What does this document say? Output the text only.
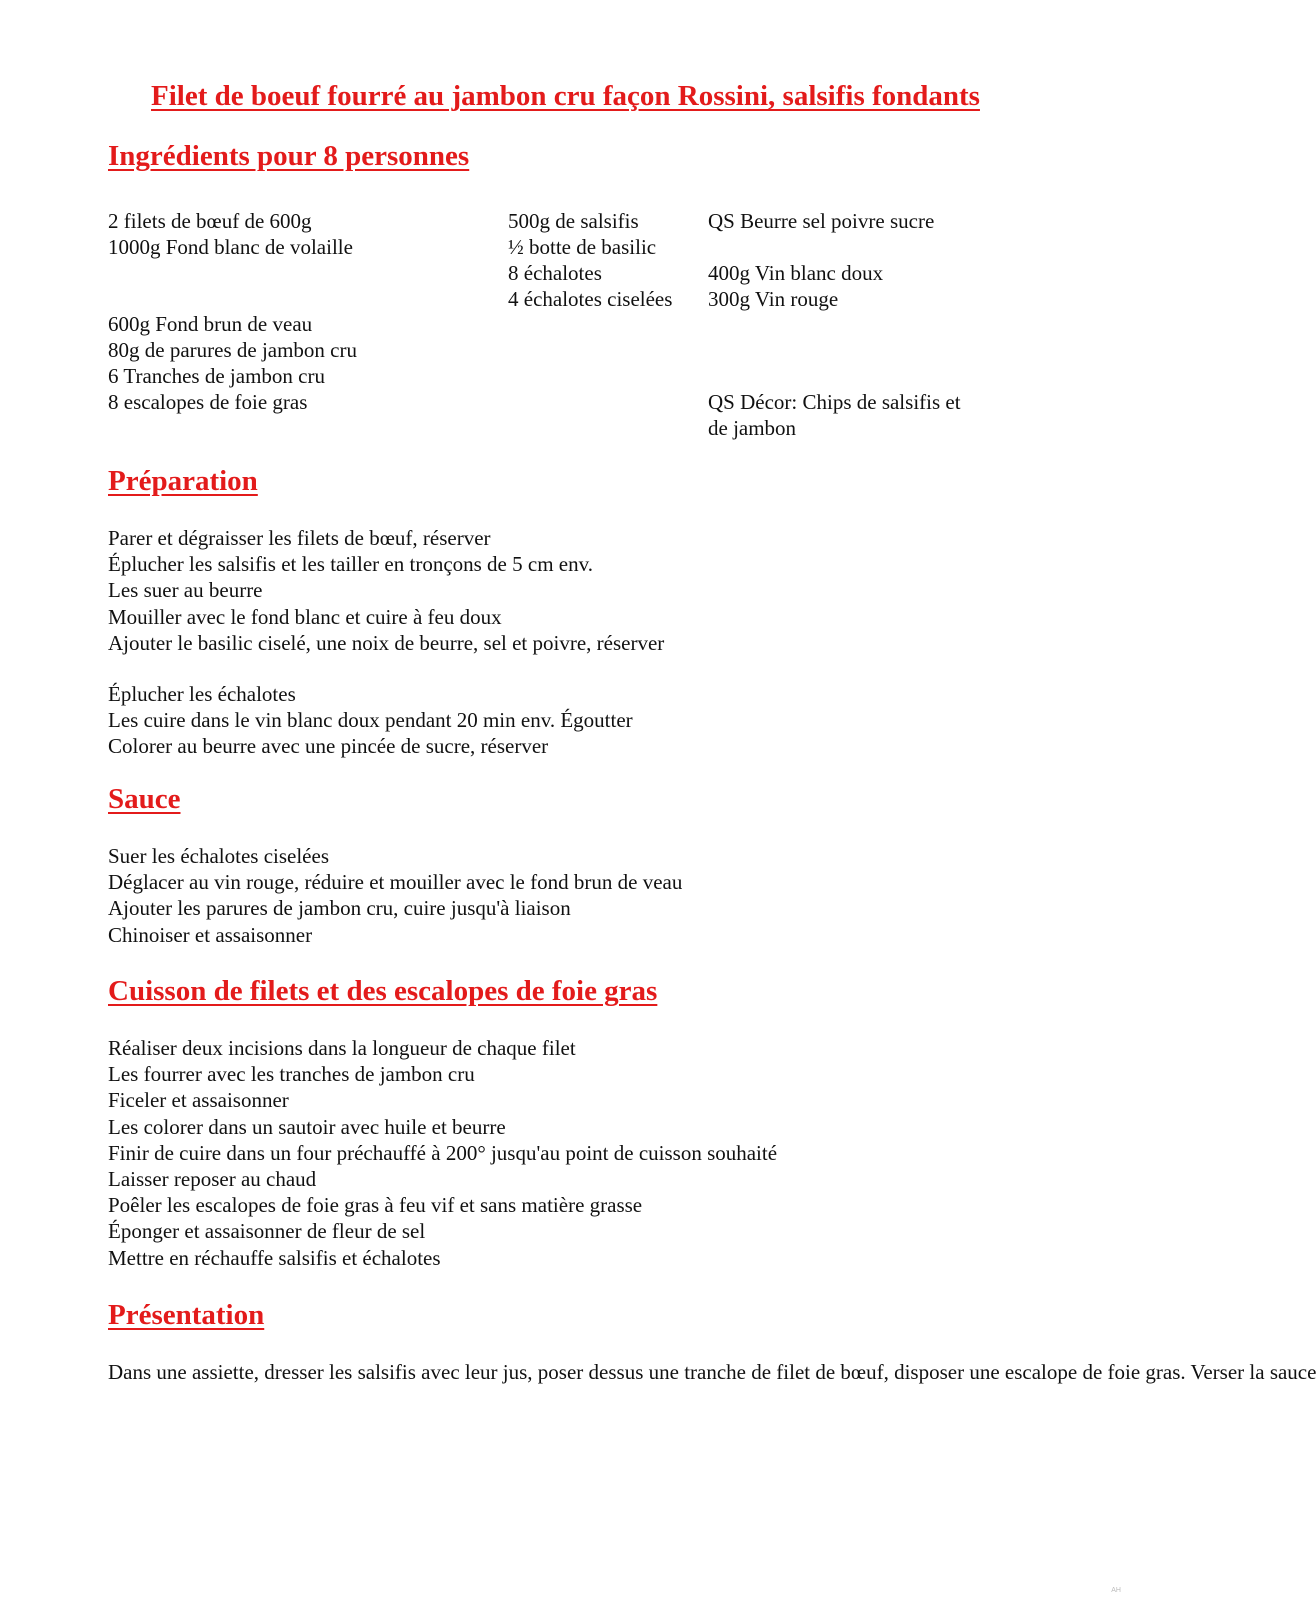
Filet de boeuf fourré au jambon cru façon Rossini, salsifis fondants
Ingrédients pour 8 personnes
2 filets de bœuf de 600g
1000g Fond blanc de volaille
600g Fond brun de veau
80g de parures de jambon cru
6 Tranches de jambon cru
8 escalopes de foie gras
500g de salsifis
½ botte de basilic
8 échalotes
4 échalotes ciselées
QS Beurre sel poivre sucre
400g Vin blanc doux
300g Vin rouge
QS Décor: Chips de salsifis et
de jambon
Préparation
Parer et dégraisser les filets de bœuf, réserver
Éplucher les salsifis et les tailler en tronçons de 5 cm env.
Les suer au beurre
Mouiller avec le fond blanc et cuire à feu doux
Ajouter le basilic ciselé, une noix de beurre, sel et poivre, réserver
Éplucher les échalotes
Les cuire dans le vin blanc doux pendant 20 min env. Égoutter
Colorer au beurre avec une pincée de sucre, réserver
Sauce
Suer les échalotes ciselées
Déglacer au vin rouge, réduire et mouiller avec le fond brun de veau
Ajouter les parures de jambon cru, cuire jusqu'à liaison
Chinoiser et assaisonner
Cuisson de filets et des escalopes de foie gras
Réaliser deux incisions dans la longueur de chaque filet
Les fourrer avec les tranches de jambon cru
Ficeler et assaisonner
Les colorer dans un sautoir avec huile et beurre
Finir de cuire dans un four préchauffé à 200° jusqu'au point de cuisson souhaité
Laisser reposer au chaud
Poêler les escalopes de foie gras à feu vif et sans matière grasse
Éponger et assaisonner de fleur de sel
Mettre en réchauffe salsifis et échalotes
Présentation
Dans une assiette, dresser les salsifis avec leur jus, poser dessus une tranche de filet de bœuf, disposer une escalope de foie gras. Verser la sauce
AH
